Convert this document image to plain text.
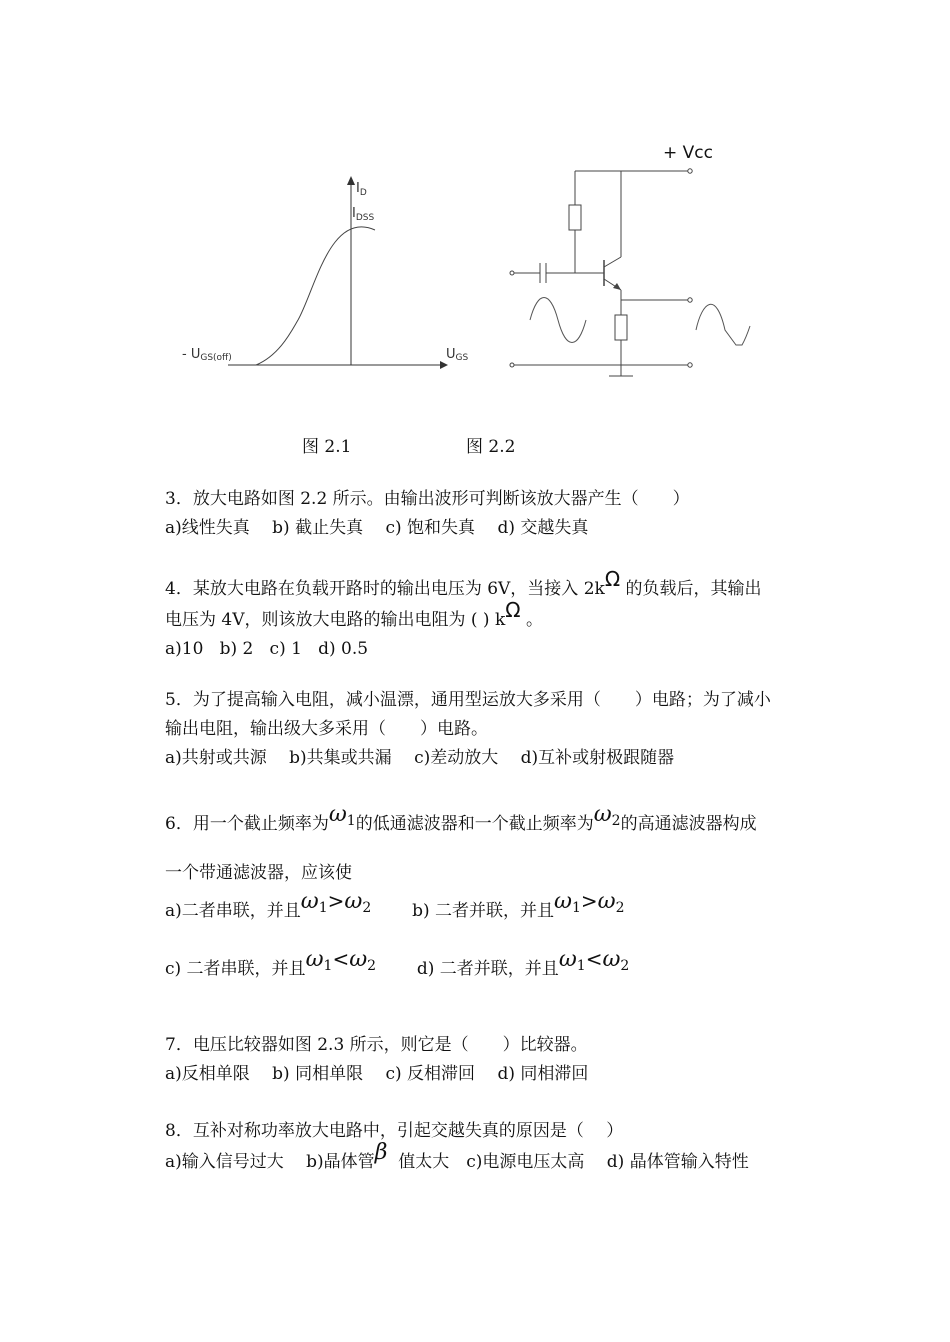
$I_D$
$I_{DSS}$
- UGS(off)	UGS
+ Vcc
图 2.1	图 2.2
3．放大电路如图 2.2 所示。由输出波形可判断该放大器产生（　　）
a)线性失真　 b) 截止失真　 c) 饱和失真　 d) 交越失真
4．某放大电路在负载开路时的输出电压为 6V，当接入 2kΩ 的负载后，其输出
电压为 4V，则该放大电路的输出电阻为 ( ) kΩ 。
a)10   b) 2   c) 1   d) 0.5
5．为了提高输入电阻，减小温漂，通用型运放大多采用（　　）电路；为了减小
输出电阻，输出级大多采用（　　）电路。
a)共射或共源　 b)共集或共漏　 c)差动放大　 d)互补或射极跟随器
6．用一个截止频率为$\omega^1$的低通滤波器和一个截止频率为$\omega^2$的高通滤波器构成
一个带通滤波器，应该使
a)二者串联，并且$\omega^1>\omega^2$ b) 二者并联，并且$\omega^1>\omega^2$
c) 二者串联，并且$\omega^1<\omega^2$ d) 二者并联，并且$\omega^1<\omega^2$
7．电压比较器如图 2.3 所示，则它是（　　）比较器。
a)反相单限　 b) 同相单限　 c) 反相滞回　 d) 同相滞回
8．互补对称功率放大电路中，引起交越失真的原因是（　 ）
a)输入信号过大　 b)晶体管β  值太大　c)电源电压太高　 d) 晶体管输入特性
